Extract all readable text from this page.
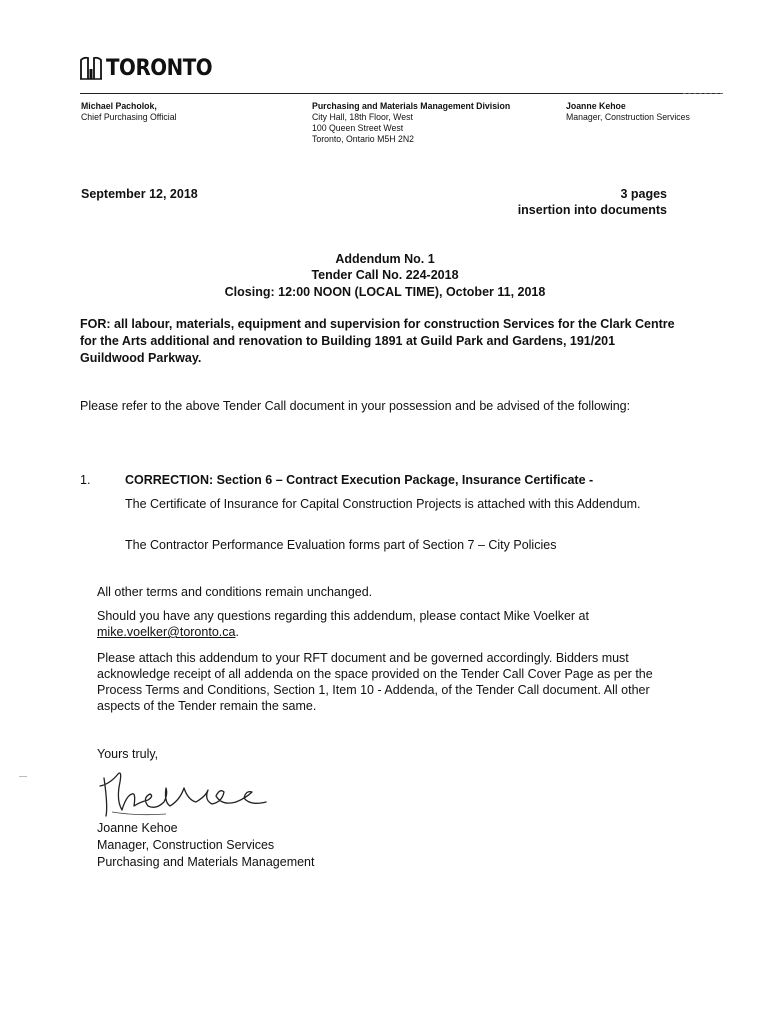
TORONTO
Michael Pacholok,
Chief Purchasing Official
Purchasing and Materials Management Division
City Hall, 18th Floor, West
100 Queen Street West
Toronto, Ontario M5H 2N2
Joanne Kehoe
Manager, Construction Services
September 12, 2018	3 pages
insertion into documents
Addendum No. 1
Tender Call No. 224-2018
Closing: 12:00 NOON (LOCAL TIME), October 11, 2018
FOR: all labour, materials, equipment and supervision for construction Services for the Clark Centre for the Arts additional and renovation to Building 1891 at Guild Park and Gardens, 191/201 Guildwood Parkway.
Please refer to the above Tender Call document in your possession and be advised of the following:
1.	CORRECTION: Section 6 – Contract Execution Package, Insurance Certificate -
The Certificate of Insurance for Capital Construction Projects is attached with this Addendum.
The Contractor Performance Evaluation forms part of Section 7 – City Policies
All other terms and conditions remain unchanged.
Should you have any questions regarding this addendum, please contact Mike Voelker at
mike.voelker@toronto.ca.
Please attach this addendum to your RFT document and be governed accordingly. Bidders must acknowledge receipt of all addenda on the space provided on the Tender Call Cover Page as per the Process Terms and Conditions, Section 1, Item 10 - Addenda, of the Tender Call document. All other aspects of the Tender remain the same.
Yours truly,
Joanne Kehoe
Manager, Construction Services
Purchasing and Materials Management
